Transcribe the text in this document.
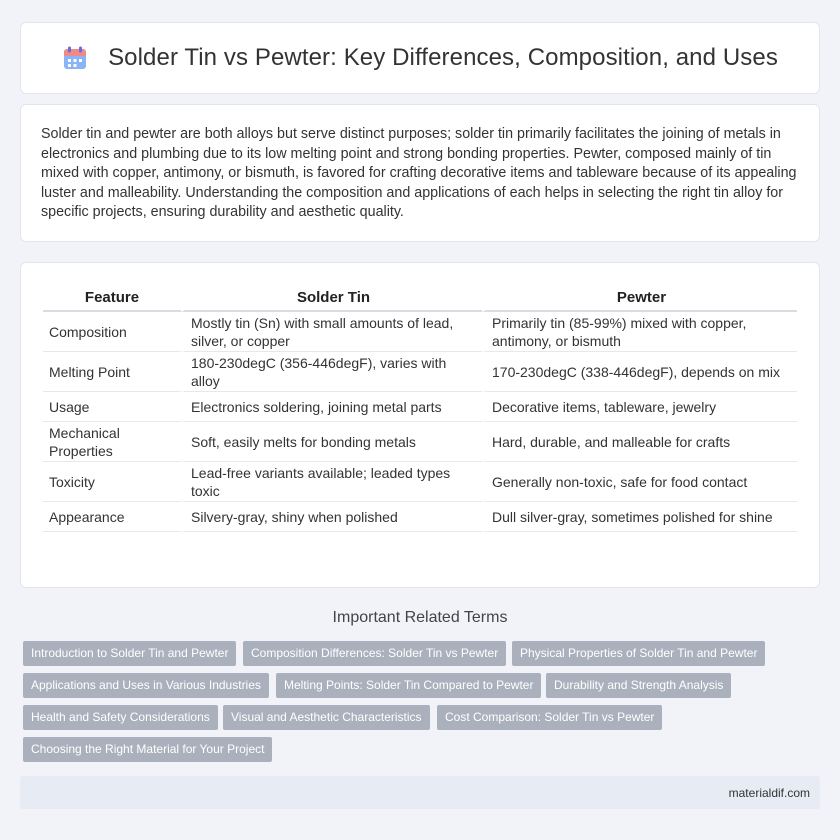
Solder Tin vs Pewter: Key Differences, Composition, and Uses

Solder tin and pewter are both alloys but serve distinct purposes; solder tin primarily facilitates the joining of metals in electronics and plumbing due to its low melting point and strong bonding properties. Pewter, composed mainly of tin mixed with copper, antimony, or bismuth, is favored for crafting decorative items and tableware because of its appealing luster and malleability. Understanding the composition and applications of each helps in selecting the right tin alloy for specific projects, ensuring durability and aesthetic quality.

Feature	Solder Tin	Pewter
Composition	Mostly tin (Sn) with small amounts of lead, silver, or copper	Primarily tin (85-99%) mixed with copper, antimony, or bismuth
Melting Point	180-230degC (356-446degF), varies with alloy	170-230degC (338-446degF), depends on mix
Usage	Electronics soldering, joining metal parts	Decorative items, tableware, jewelry
Mechanical Properties	Soft, easily melts for bonding metals	Hard, durable, and malleable for crafts
Toxicity	Lead-free variants available; leaded types toxic	Generally non-toxic, safe for food contact
Appearance	Silvery-gray, shiny when polished	Dull silver-gray, sometimes polished for shine
Important Related Terms
Introduction to Solder Tin and Pewter	Composition Differences: Solder Tin vs Pewter	Physical Properties of Solder Tin and Pewter
Applications and Uses in Various Industries	Melting Points: Solder Tin Compared to Pewter	Durability and Strength Analysis
Health and Safety Considerations	Visual and Aesthetic Characteristics	Cost Comparison: Solder Tin vs Pewter
Choosing the Right Material for Your Project
materialdif.com
